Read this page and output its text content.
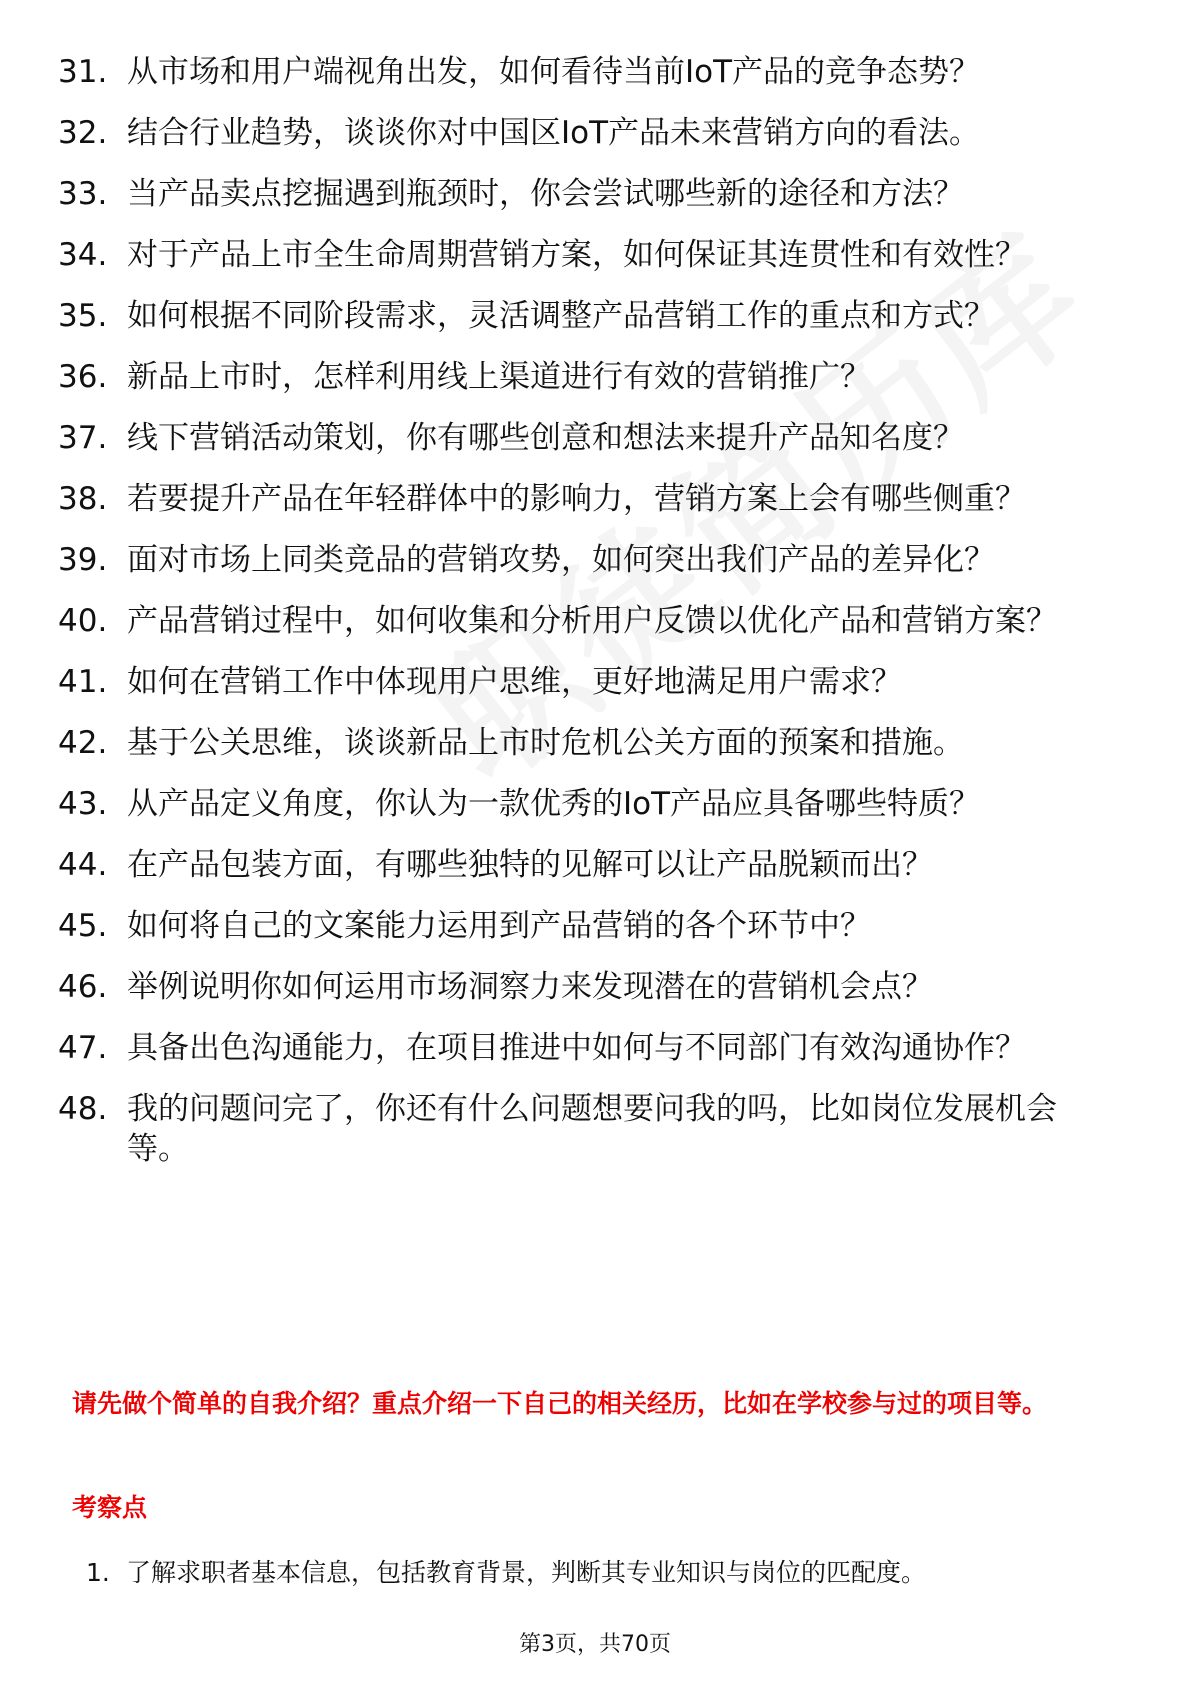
31. 从市场和用户端视角出发，如何看待当前IoT产品的竞争态势？
32. 结合行业趋势，谈谈你对中国区IoT产品未来营销方向的看法。
33. 当产品卖点挖掘遇到瓶颈时，你会尝试哪些新的途径和方法？
34. 对于产品上市全生命周期营销方案，如何保证其连贯性和有效性？
35. 如何根据不同阶段需求，灵活调整产品营销工作的重点和方式？
36. 新品上市时，怎样利用线上渠道进行有效的营销推广？
37. 线下营销活动策划，你有哪些创意和想法来提升产品知名度？
38. 若要提升产品在年轻群体中的影响力，营销方案上会有哪些侧重？
39. 面对市场上同类竞品的营销攻势，如何突出我们产品的差异化？
40. 产品营销过程中，如何收集和分析用户反馈以优化产品和营销方案？
41. 如何在营销工作中体现用户思维，更好地满足用户需求？
42. 基于公关思维，谈谈新品上市时危机公关方面的预案和措施。
43. 从产品定义角度，你认为一款优秀的IoT产品应具备哪些特质？
44. 在产品包装方面，有哪些独特的见解可以让产品脱颖而出？
45. 如何将自己的文案能力运用到产品营销的各个环节中？
46. 举例说明你如何运用市场洞察力来发现潜在的营销机会点？
47. 具备出色沟通能力，在项目推进中如何与不同部门有效沟通协作？
48. 我的问题问完了，你还有什么问题想要问我的吗，比如岗位发展机会等。
请先做个简单的自我介绍？重点介绍一下自己的相关经历，比如在学校参与过的项目等。
考察点
1. 了解求职者基本信息，包括教育背景，判断其专业知识与岗位的匹配度。
第3页，共70页
